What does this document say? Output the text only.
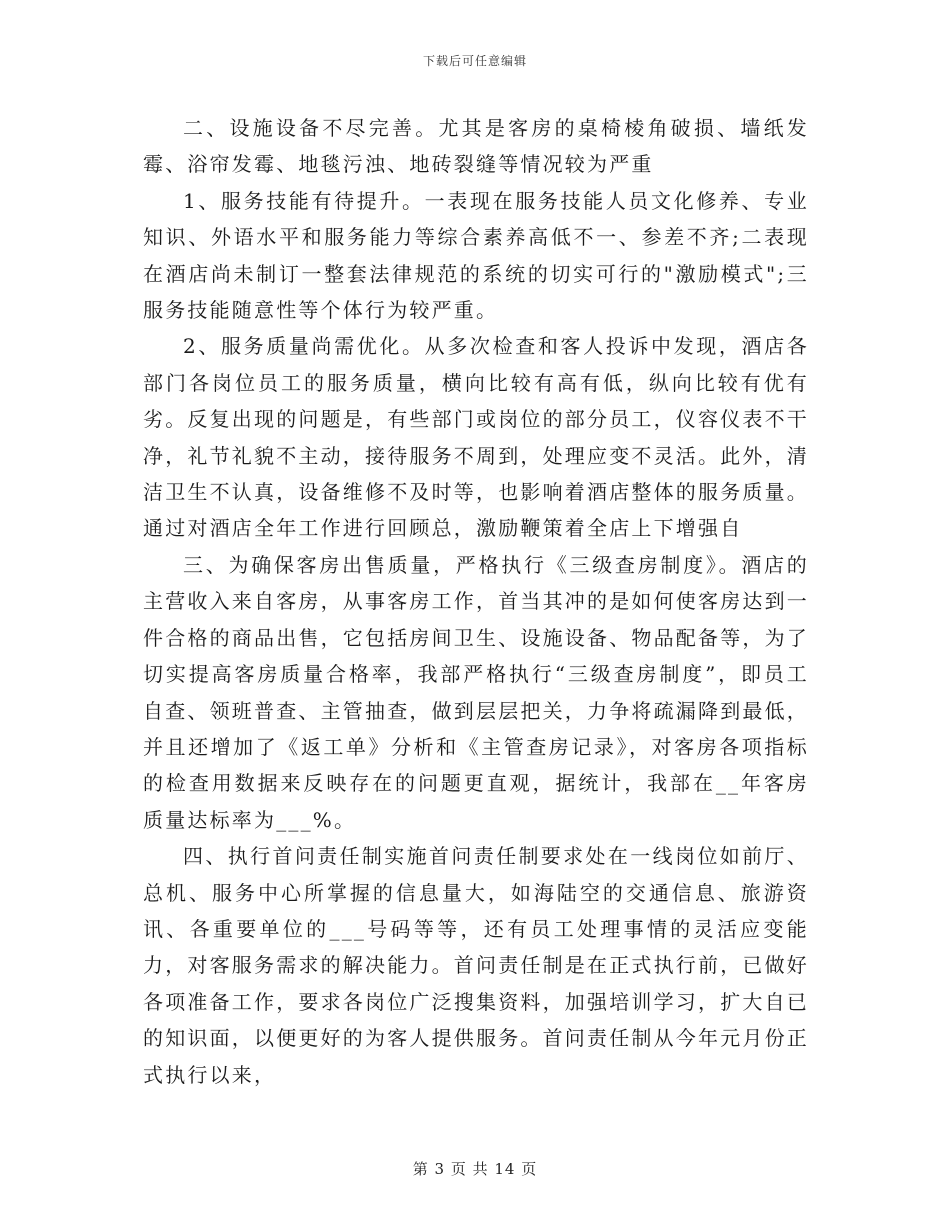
下载后可任意编辑

二、设施设备不尽完善。尤其是客房的桌椅棱角破损、墙纸发霉、浴帘发霉、地毯污浊、地砖裂缝等情况较为严重

1、服务技能有待提升。一表现在服务技能人员文化修养、专业知识、外语水平和服务能力等综合素养高低不一、参差不齐;二表现在酒店尚未制订一整套法律规范的系统的切实可行的"激励模式";三服务技能随意性等个体行为较严重。

2、服务质量尚需优化。从多次检查和客人投诉中发现，酒店各部门各岗位员工的服务质量，横向比较有高有低，纵向比较有优有劣。反复出现的问题是，有些部门或岗位的部分员工，仪容仪表不干净，礼节礼貌不主动，接待服务不周到，处理应变不灵活。此外，清洁卫生不认真，设备维修不及时等，也影响着酒店整体的服务质量。通过对酒店全年工作进行回顾总，激励鞭策着全店上下增强自

三、为确保客房出售质量，严格执行《三级查房制度》。酒店的主营收入来自客房，从事客房工作，首当其冲的是如何使客房达到一件合格的商品出售，它包括房间卫生、设施设备、物品配备等，为了切实提高客房质量合格率，我部严格执行“三级查房制度”，即员工自查、领班普查、主管抽查，做到层层把关，力争将疏漏降到最低，并且还增加了《返工单》分析和《主管查房记录》，对客房各项指标的检查用数据来反映存在的问题更直观，据统计，我部在__年客房质量达标率为___%。

四、执行首问责任制实施首问责任制要求处在一线岗位如前厅、总机、服务中心所掌握的信息量大，如海陆空的交通信息、旅游资讯、各重要单位的___号码等等，还有员工处理事情的灵活应变能力，对客服务需求的解决能力。首问责任制是在正式执行前，已做好各项准备工作，要求各岗位广泛搜集资料，加强培训学习，扩大自已的知识面，以便更好的为客人提供服务。首问责任制从今年元月份正式执行以来，

第 3 页 共 14 页
